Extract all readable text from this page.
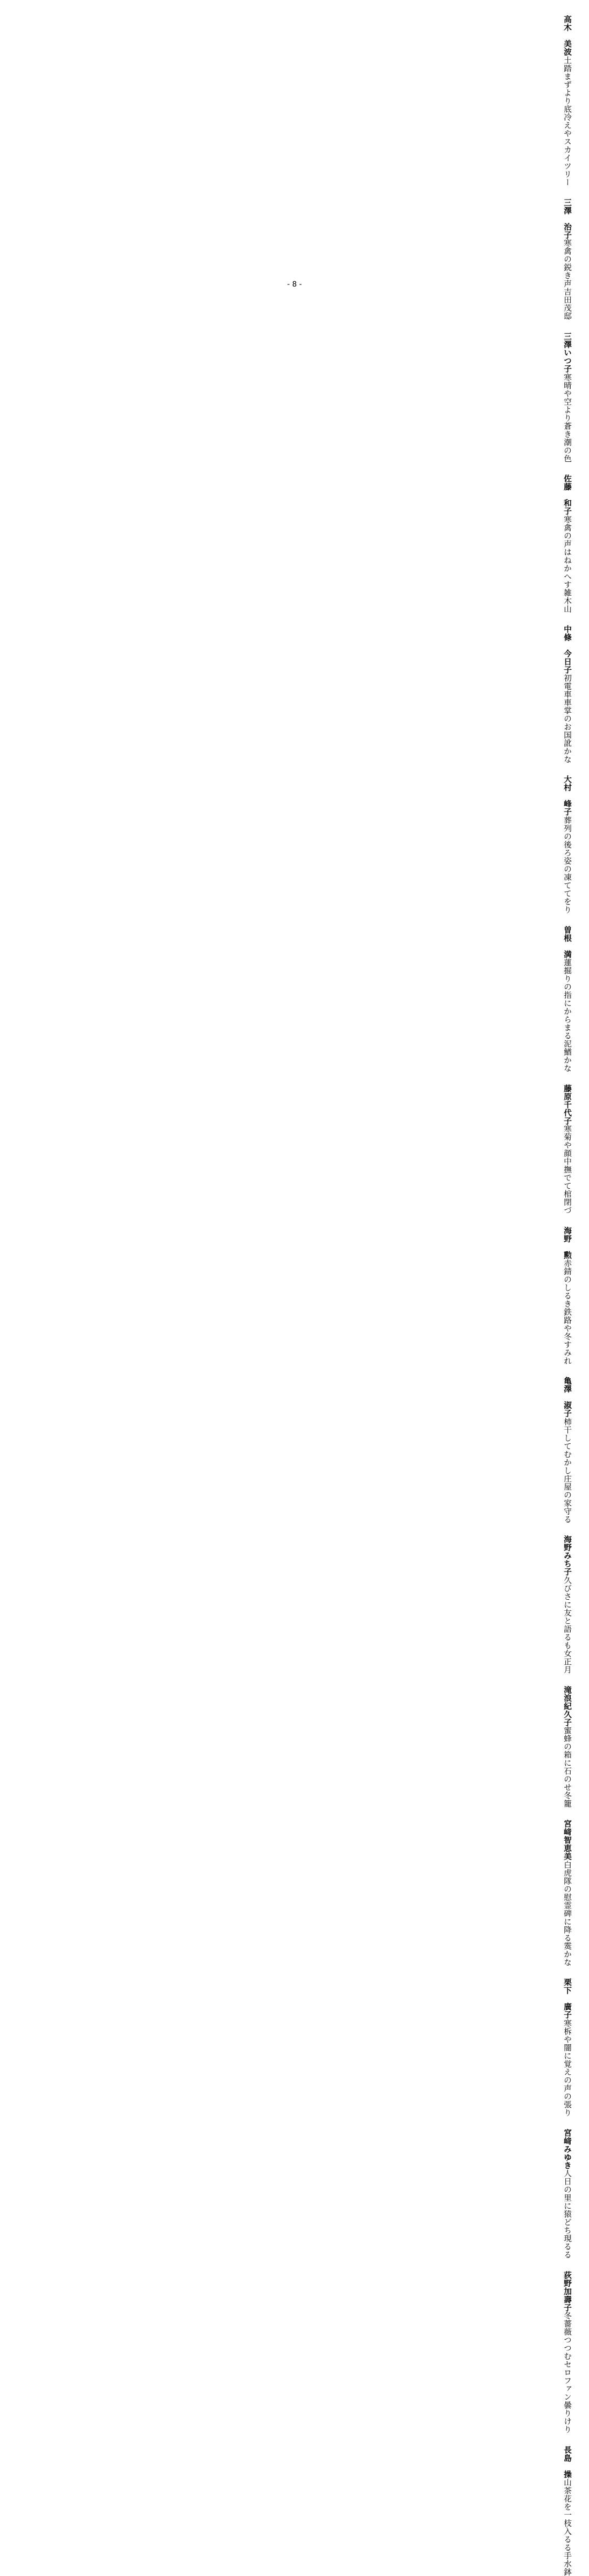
高木　美波
土踏まずより底冷えやスカイツリー
三澤　治子
寒禽の鋭き声吉田茂邸
三澤いつ子
寒晴や空より蒼き潮の色
佐藤　和子
寒禽の声はねかへす雑木山
中條　今日子
初電車車掌のお国訛かな
大村　峰子
葬列の後ろ姿の凍ててをり
曽根　満
蓮掘りの指にからまる泥鰌かな
藤原千代子
寒菊や顔中撫でて棺閉づ
海野　勲
赤錆のしるき鉄路や冬すみれ
亀澤　淑子
柿干してむかし庄屋の家守る
海野みち子
久びさに友と語るも女正月
滝浪紀久子
蜜蜂の箱に石のせ冬籠
宮﨑智恵美
白虎隊の慰霊碑に降る霙かな
栗下　廣子
寒柝や闇に覚えの声の張り
宮﨑みゆき
人日の里に猿どち現るる
荻野加壽子
冬薔薇つつむセロファン曇りけり
長島　操
山茶花を一枝入るる手水鉢
- 8 -
